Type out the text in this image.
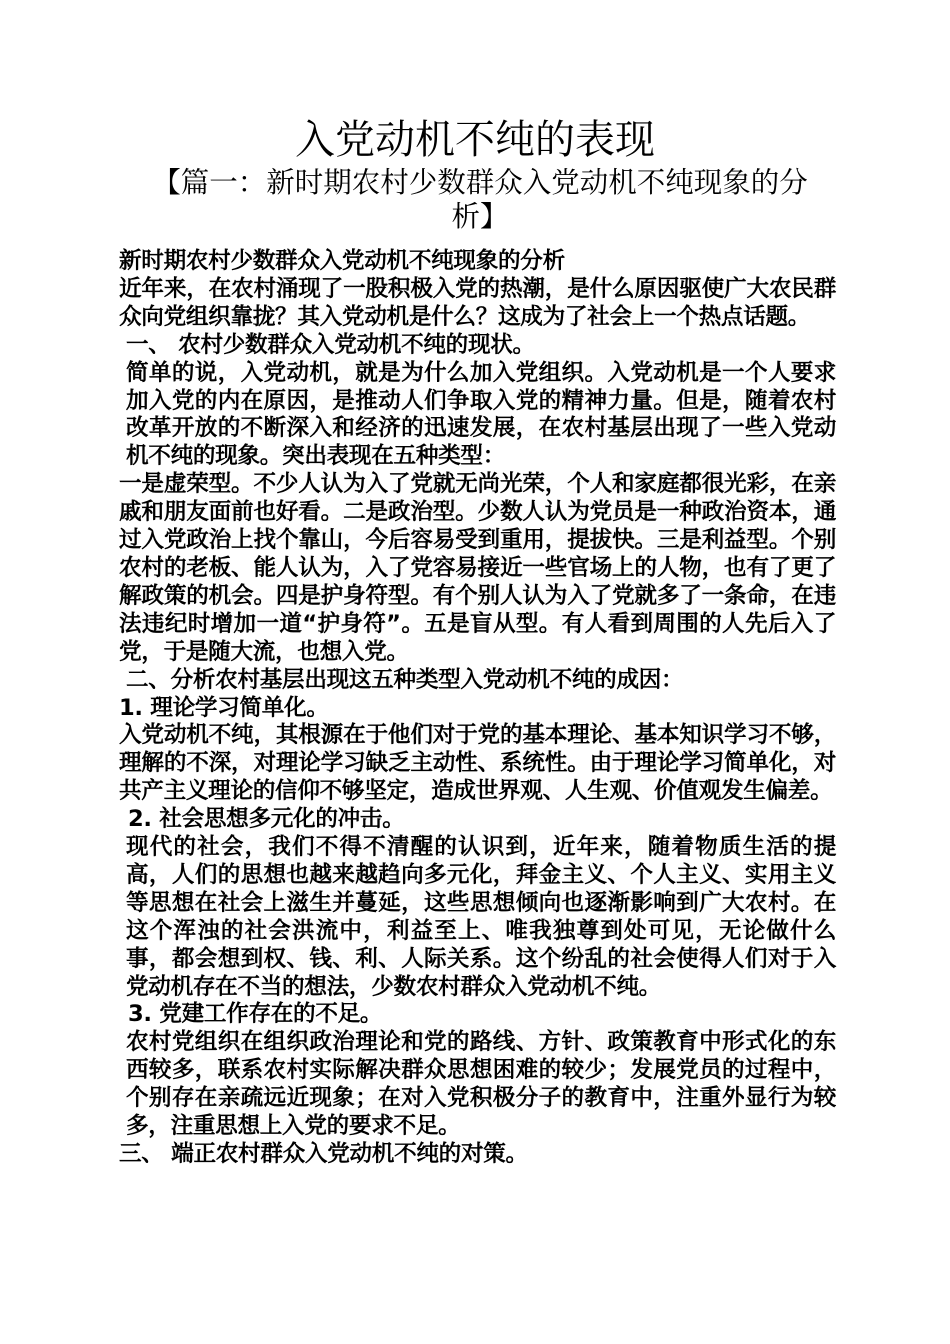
入党动机不纯的表现
【篇一：新时期农村少数群众入党动机不纯现象的分析】

新时期农村少数群众入党动机不纯现象的分析

近年来，在农村涌现了一股积极入党的热潮，是什么原因驱使广大农民群众向党组织靠拢？其入党动机是什么？这成为了社会上一个热点话题。

一、 农村少数群众入党动机不纯的现状。

简单的说，入党动机，就是为什么加入党组织。入党动机是一个人要求加入党的内在原因，是推动人们争取入党的精神力量。但是，随着农村改革开放的不断深入和经济的迅速发展，在农村基层出现了一些入党动机不纯的现象。突出表现在五种类型：

一是虚荣型。不少人认为入了党就无尚光荣，个人和家庭都很光彩，在亲戚和朋友面前也好看。二是政治型。少数人认为党员是一种政治资本，通过入党政治上找个靠山，今后容易受到重用，提拔快。三是利益型。个别农村的老板、能人认为，入了党容易接近一些官场上的人物，也有了更了解政策的机会。四是护身符型。有个别人认为入了党就多了一条命，在违法违纪时增加一道“护身符”。五是盲从型。有人看到周围的人先后入了党，于是随大流，也想入党。

二、分析农村基层出现这五种类型入党动机不纯的成因：

1. 理论学习简单化。

入党动机不纯，其根源在于他们对于党的基本理论、基本知识学习不够，理解的不深，对理论学习缺乏主动性、系统性。由于理论学习简单化，对共产主义理论的信仰不够坚定，造成世界观、人生观、价值观发生偏差。

2. 社会思想多元化的冲击。

现代的社会，我们不得不清醒的认识到，近年来，随着物质生活的提高，人们的思想也越来越趋向多元化，拜金主义、个人主义、实用主义等思想在社会上滋生并蔓延，这些思想倾向也逐渐影响到广大农村。在这个浑浊的社会洪流中，利益至上、唯我独尊到处可见，无论做什么事，都会想到权、钱、利、人际关系。这个纷乱的社会使得人们对于入党动机存在不当的想法，少数农村群众入党动机不纯。

3. 党建工作存在的不足。

农村党组织在组织政治理论和党的路线、方针、政策教育中形式化的东西较多，联系农村实际解决群众思想困难的较少；发展党员的过程中，个别存在亲疏远近现象；在对入党积极分子的教育中，注重外显行为较多，注重思想上入党的要求不足。

三、 端正农村群众入党动机不纯的对策。
